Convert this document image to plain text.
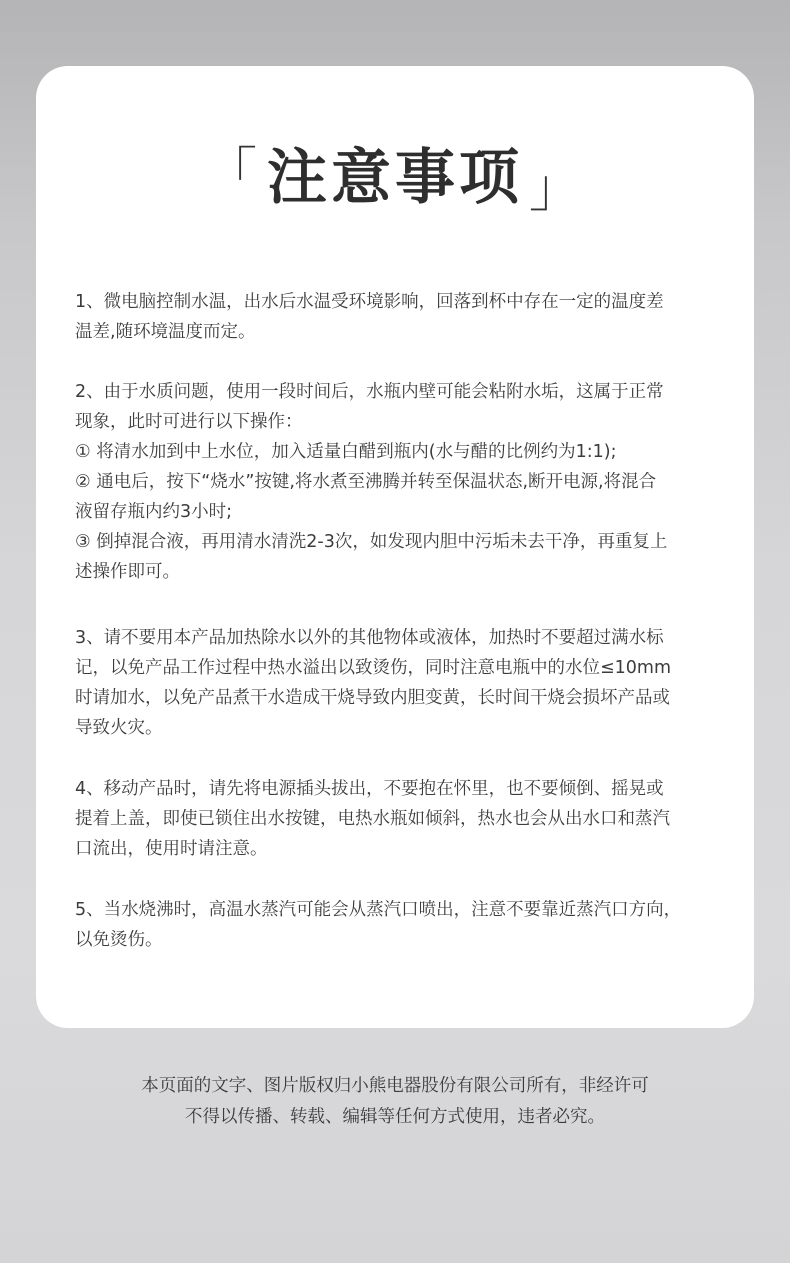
「 注意事项 」
1、微电脑控制水温，出水后水温受环境影响，回落到杯中存在一定的温度差
温差,随环境温度而定。
2、由于水质问题，使用一段时间后，水瓶内壁可能会粘附水垢，这属于正常
现象，此时可进行以下操作：
① 将清水加到中上水位，加入适量白醋到瓶内(水与醋的比例约为1:1);
② 通电后，按下“烧水”按键,将水煮至沸腾并转至保温状态,断开电源,将混合
液留存瓶内约3小时;
③ 倒掉混合液，再用清水清洗2-3次，如发现内胆中污垢未去干净，再重复上
述操作即可。
3、请不要用本产品加热除水以外的其他物体或液体，加热时不要超过满水标
记，以免产品工作过程中热水溢出以致烫伤，同时注意电瓶中的水位≤10mm
时请加水，以免产品煮干水造成干烧导致内胆变黄，长时间干烧会损坏产品或
导致火灾。
4、移动产品时，请先将电源插头拔出，不要抱在怀里，也不要倾倒、摇晃或
提着上盖，即使已锁住出水按键，电热水瓶如倾斜，热水也会从出水口和蒸汽
口流出，使用时请注意。
5、当水烧沸时，高温水蒸汽可能会从蒸汽口喷出，注意不要靠近蒸汽口方向，
以免烫伤。
本页面的文字、图片版权归小熊电器股份有限公司所有，非经许可
不得以传播、转载、编辑等任何方式使用，违者必究。
